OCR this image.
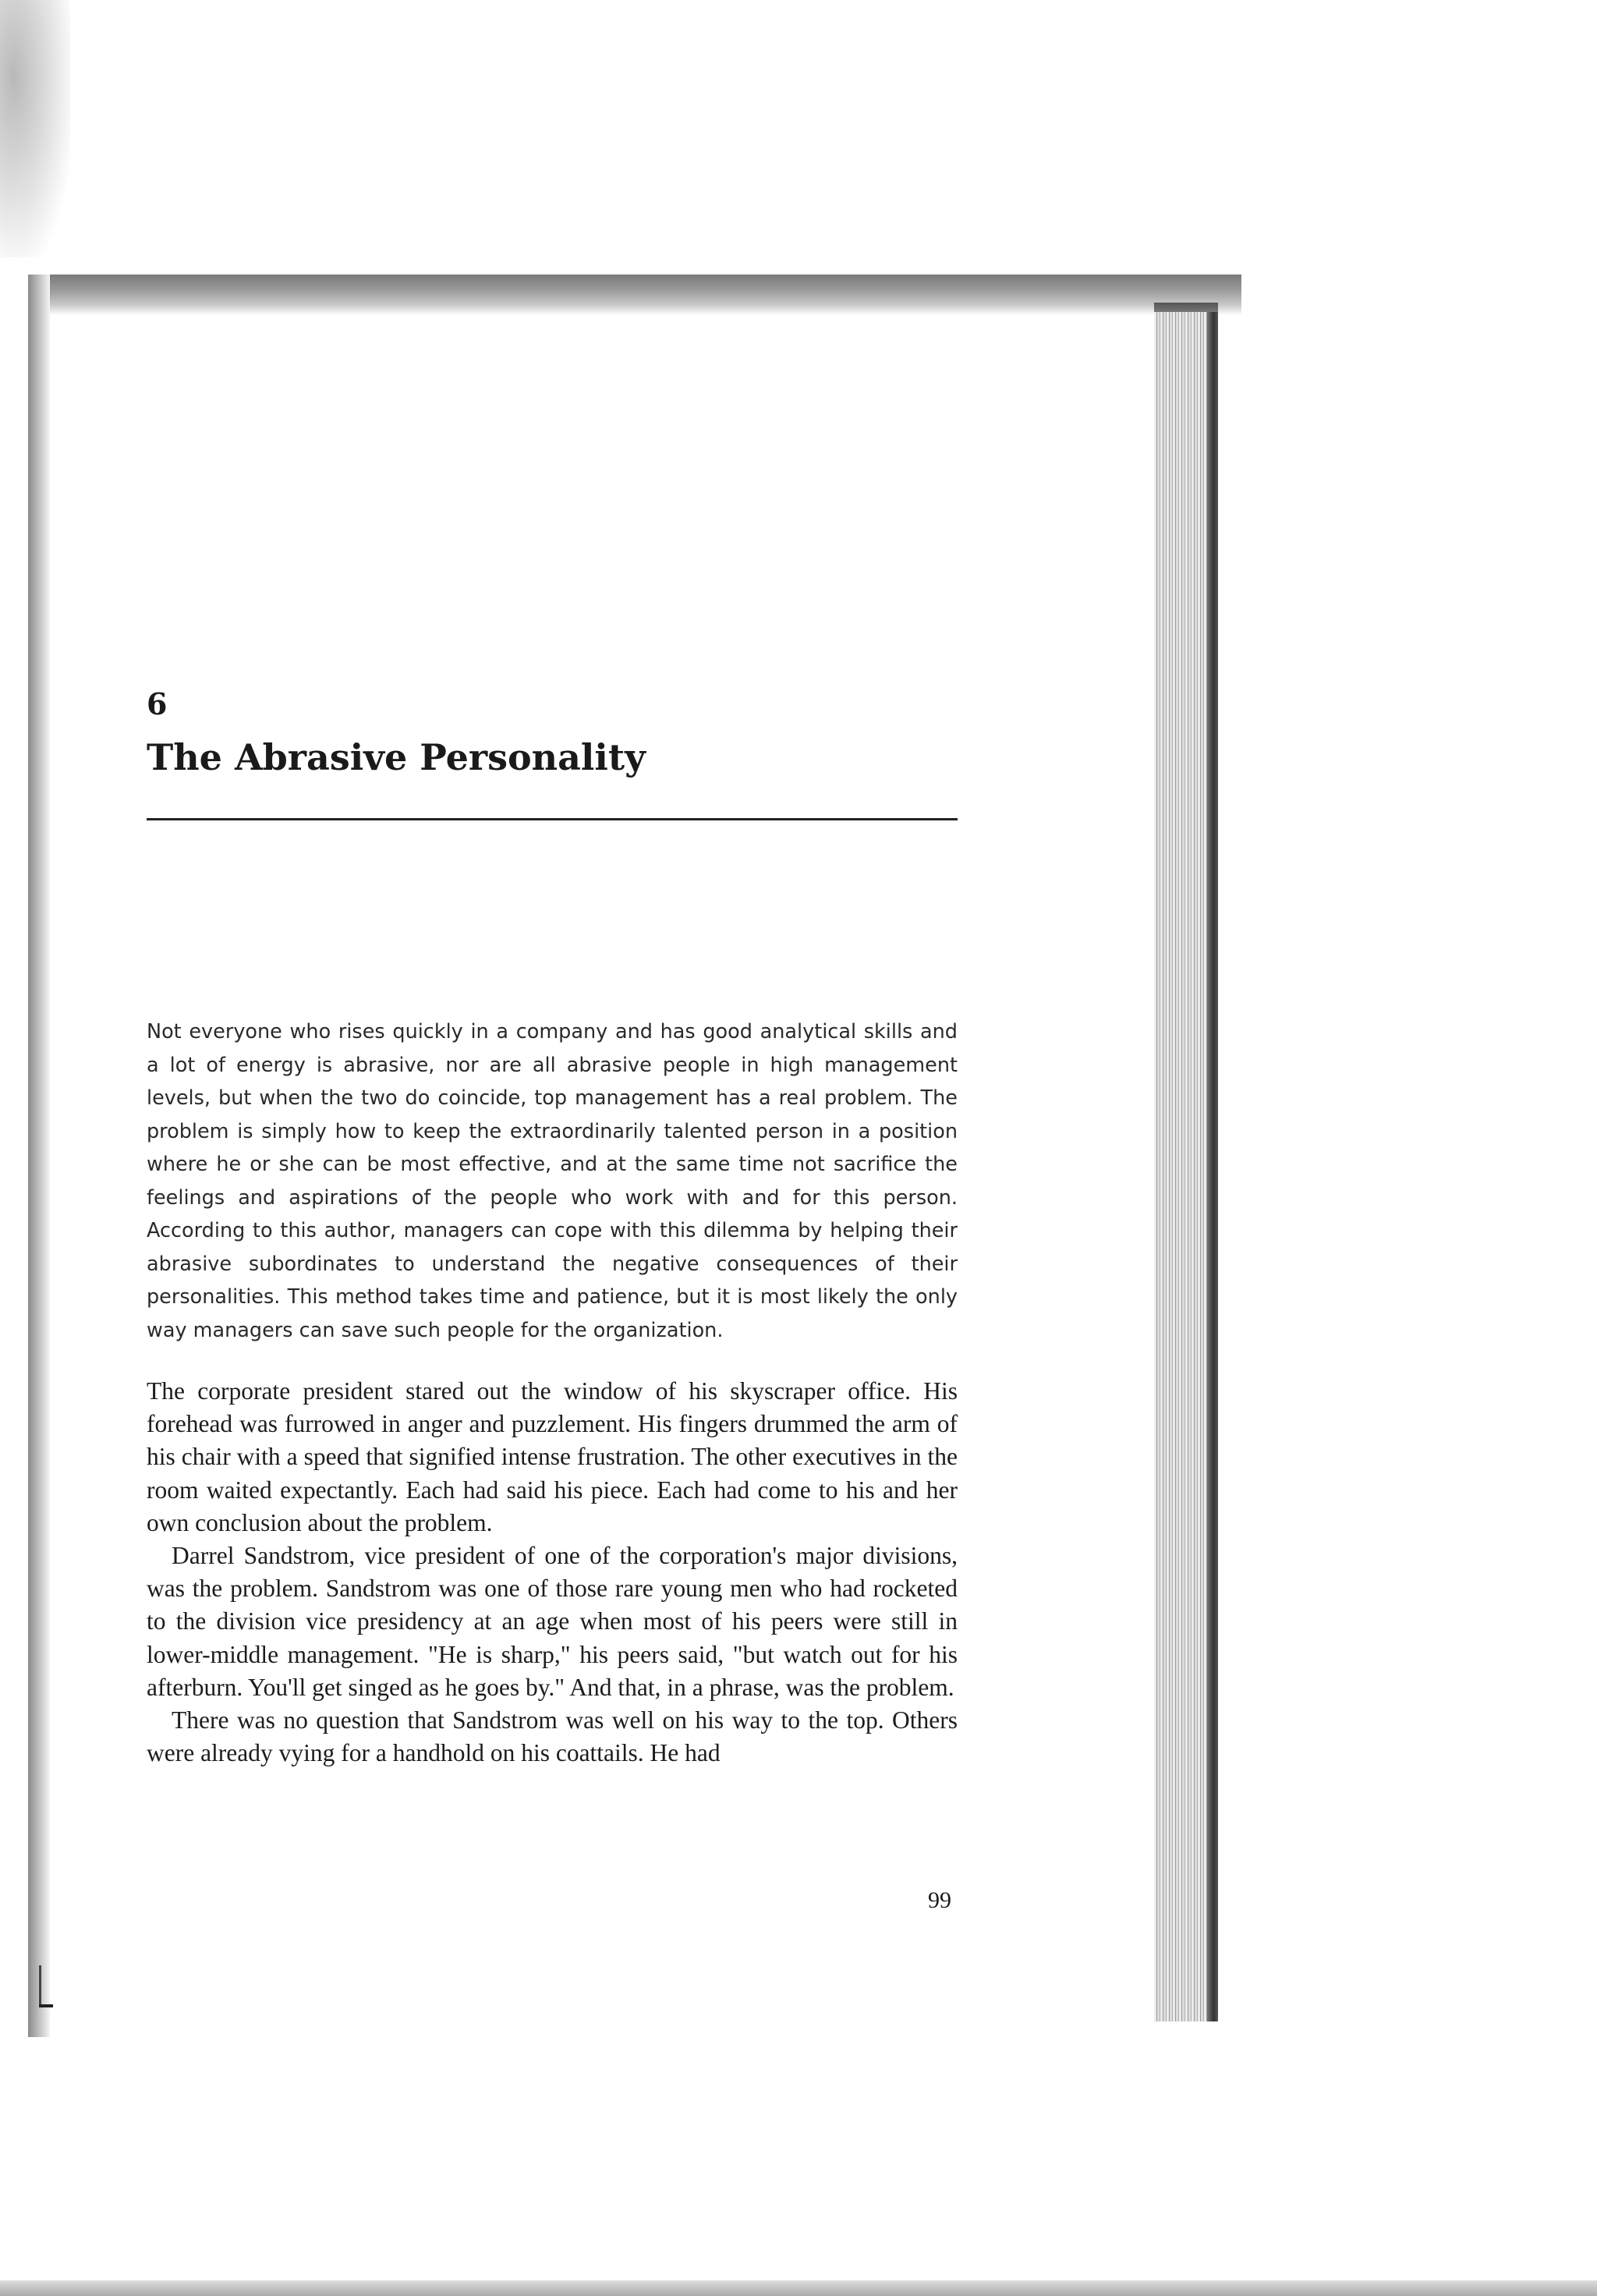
6
The Abrasive Personality

Not everyone who rises quickly in a company and has good analytical skills and a lot of energy is abrasive, nor are all abrasive people in high management levels, but when the two do coincide, top management has a real problem. The problem is simply how to keep the extraordinarily talented person in a position where he or she can be most effective, and at the same time not sacrifice the feelings and aspirations of the people who work with and for this person. According to this author, managers can cope with this dilemma by helping their abrasive subordinates to understand the negative consequences of their personalities. This method takes time and patience, but it is most likely the only way managers can save such people for the organization.

The corporate president stared out the window of his skyscraper office. His forehead was furrowed in anger and puzzlement. His fingers drummed the arm of his chair with a speed that signified intense frustration. The other executives in the room waited expectantly. Each had said his piece. Each had come to his and her own conclusion about the problem.

Darrel Sandstrom, vice president of one of the corporation's major divisions, was the problem. Sandstrom was one of those rare young men who had rocketed to the division vice presidency at an age when most of his peers were still in lower-middle management. "He is sharp," his peers said, "but watch out for his afterburn. You'll get singed as he goes by." And that, in a phrase, was the problem.

There was no question that Sandstrom was well on his way to the top. Others were already vying for a handhold on his coattails. He had

99
